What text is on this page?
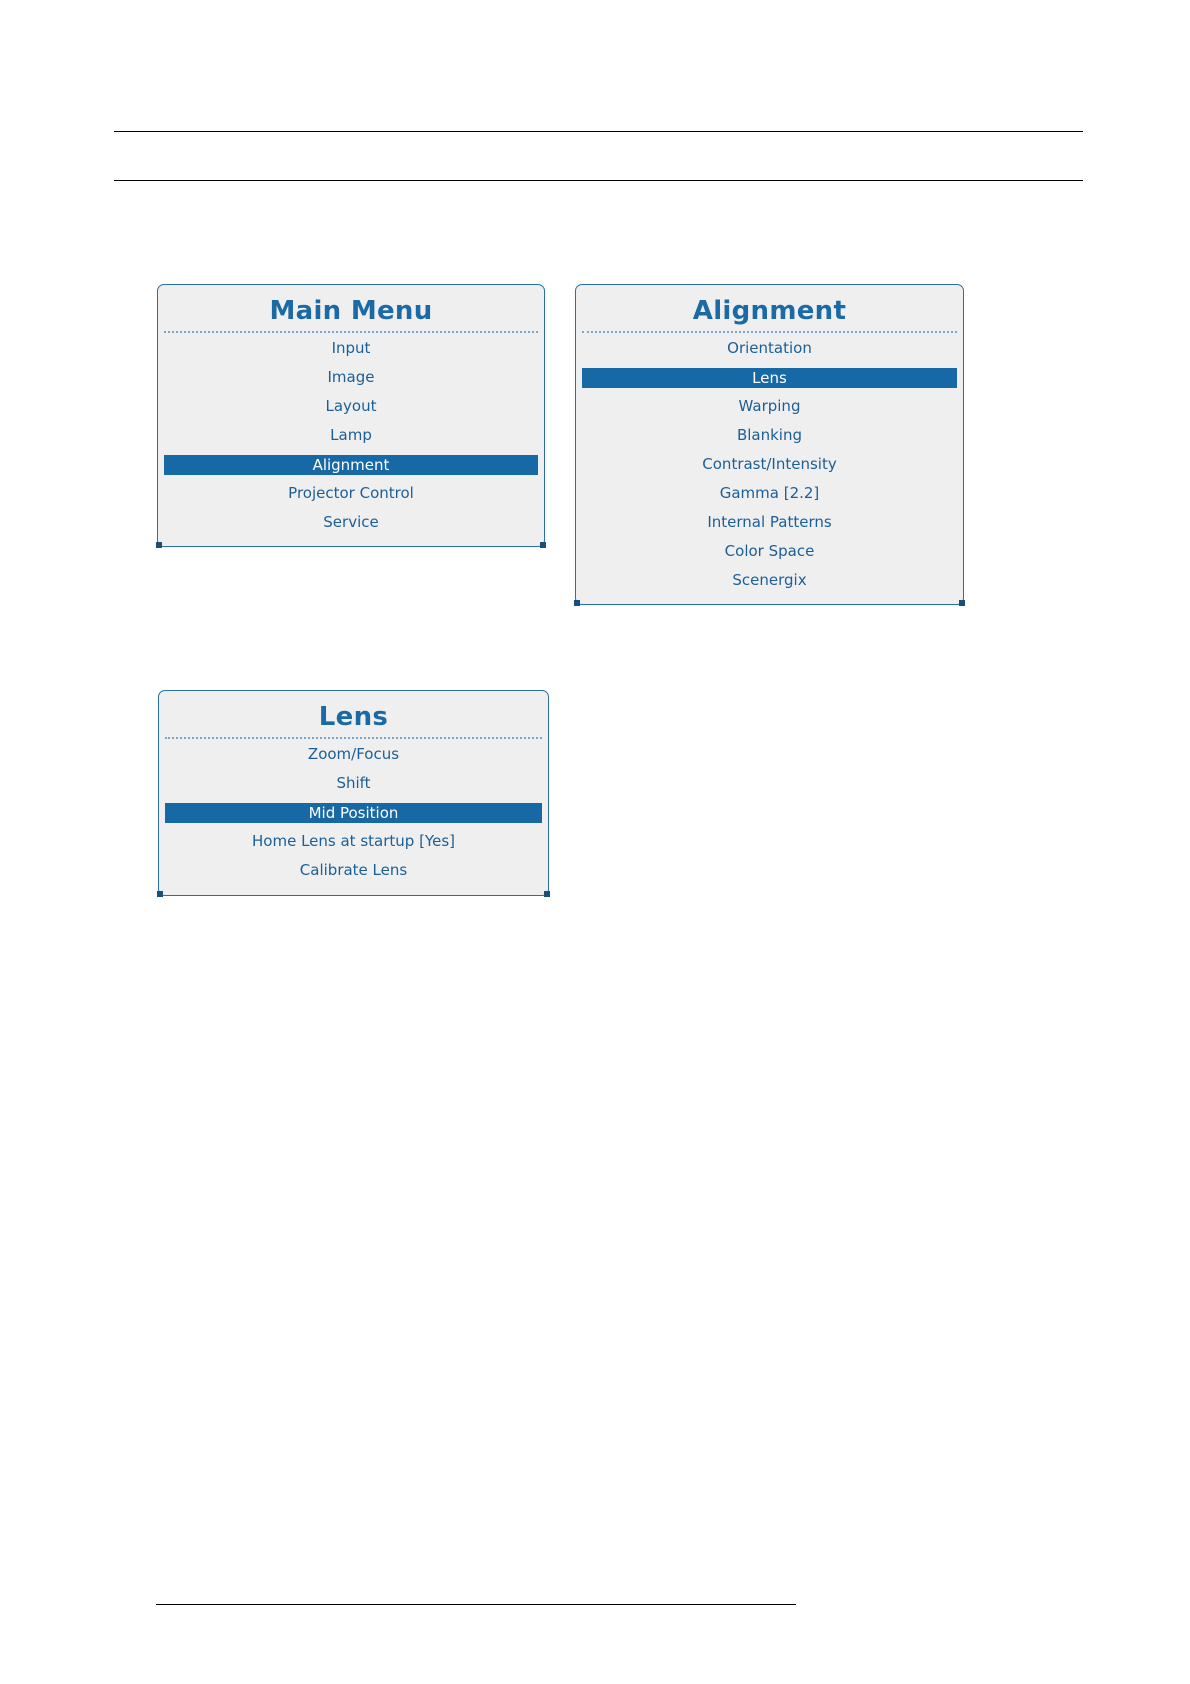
Main Menu
Input
Image
Layout
Lamp
Alignment
Projector Control
Service
Alignment
Orientation
Lens
Warping
Blanking
Contrast/Intensity
Gamma [2.2]
Internal Patterns
Color Space
Scenergix
Lens
Zoom/Focus
Shift
Mid Position
Home Lens at startup [Yes]
Calibrate Lens
